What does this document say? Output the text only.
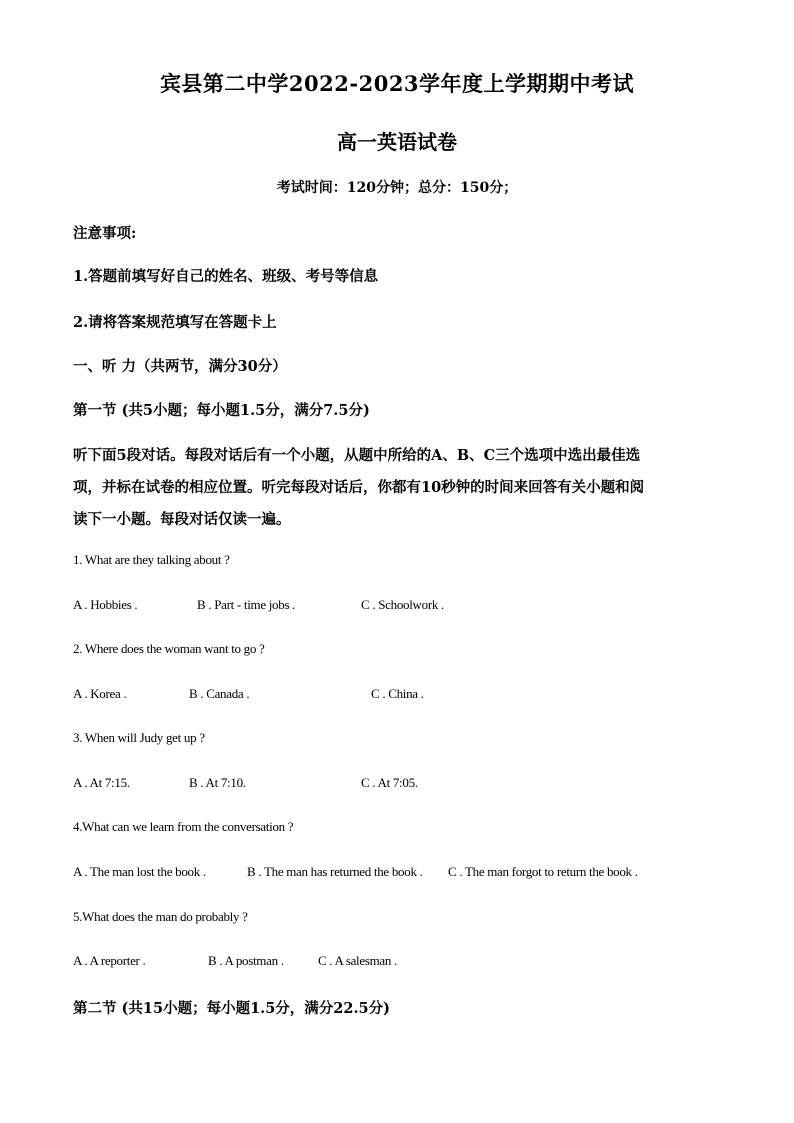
宾县第二中学2022-2023学年度上学期期中考试
高一英语试卷
考试时间：120分钟；总分：150分；
注意事项:
1.答题前填写好自己的姓名、班级、考号等信息
2.请将答案规范填写在答题卡上
一、听 力（共两节，满分30分）
第一节 (共5小题；每小题1.5分，满分7.5分)
听下面5段对话。每段对话后有一个小题，从题中所给的A、B、C三个选项中选出最佳选
项，并标在试卷的相应位置。听完每段对话后，你都有10秒钟的时间来回答有关小题和阅
读下一小题。每段对话仅读一遍。
1. What are they talking about ?
A . Hobbies .	B . Part - time jobs .	C . Schoolwork .
2. Where does the woman want to go ?
A . Korea .	B . Canada .	C . China .
3. When will Judy get up ?
A . At 7:15.	B . At 7:10.	C . At 7:05.
4.What can we learn from the conversation ?
A . The man lost the book .	B . The man has returned the book . C . The man forgot to return the book .
5.What does the man do probably ?
A . A reporter .	B . A postman .	C . A salesman .
第二节 (共15小题；每小题1.5分，满分22.5分)
